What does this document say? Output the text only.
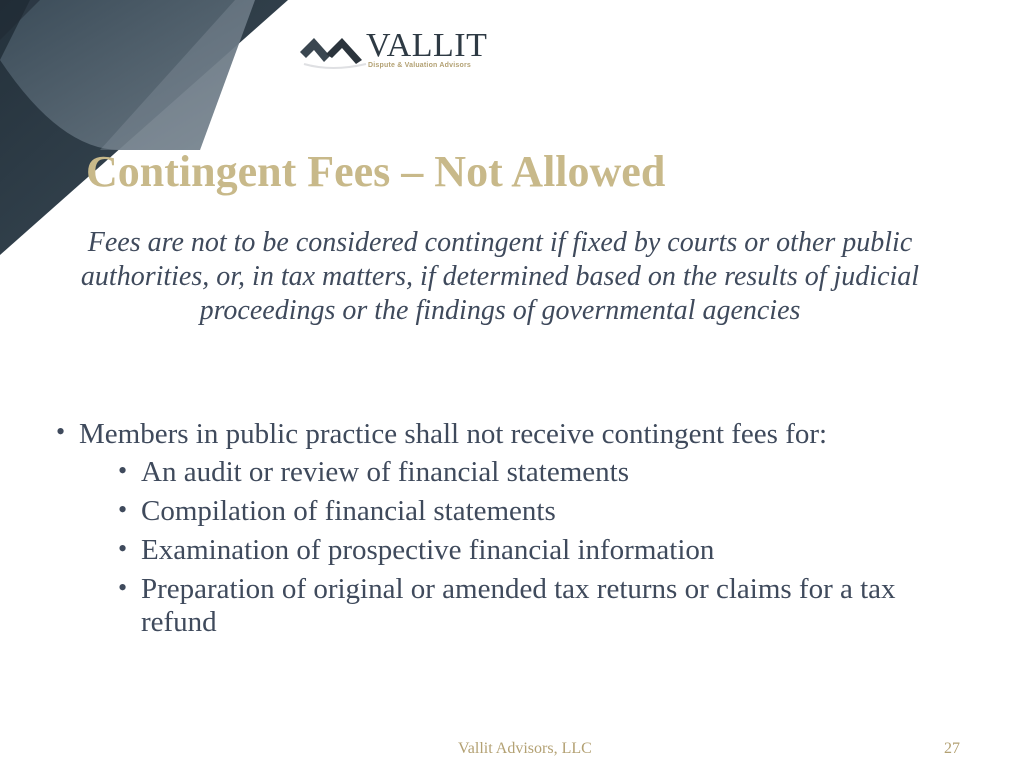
VALLIT
Dispute & Valuation Advisors
Contingent Fees – Not Allowed

Fees are not to be considered contingent if fixed by courts or other public authorities, or, in tax matters, if determined based on the results of judicial proceedings or the findings of governmental agencies

• Members in public practice shall not receive contingent fees for:
• An audit or review of financial statements
• Compilation of financial statements
• Examination of prospective financial information
• Preparation of original or amended tax returns or claims for a tax refund
Vallit Advisors, LLC	27
